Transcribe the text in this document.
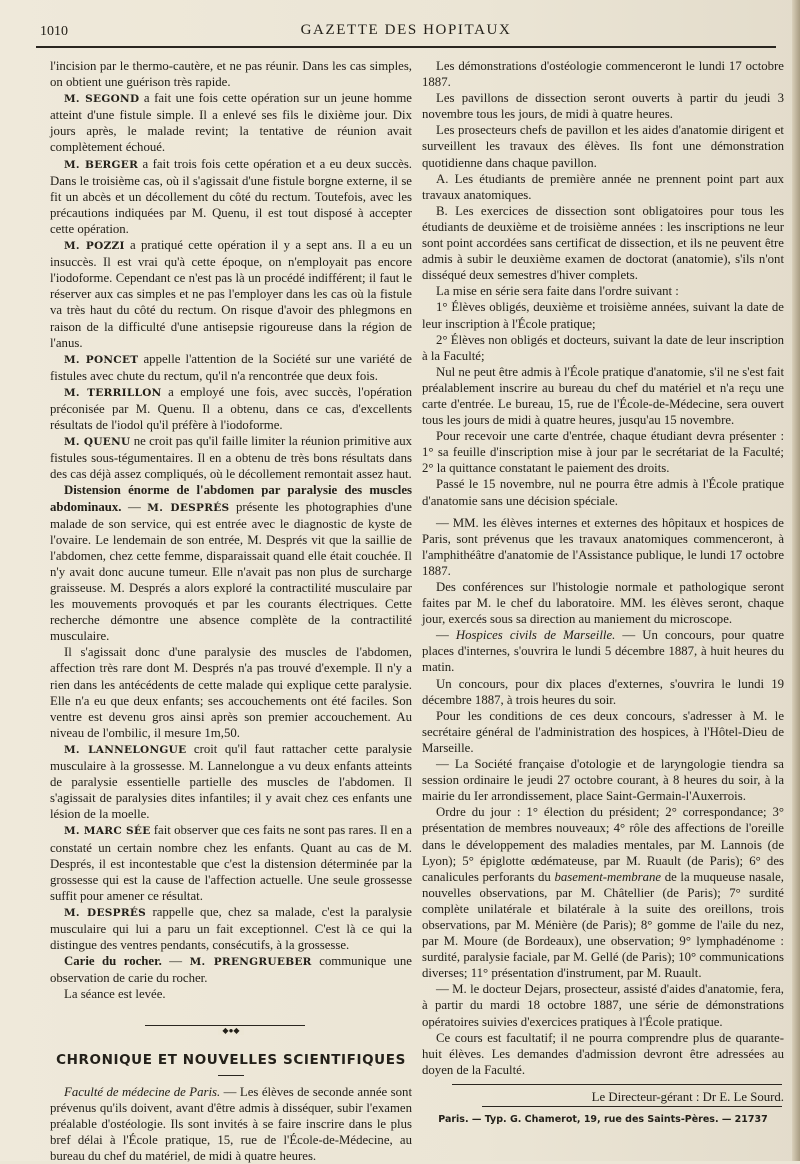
1010	GAZETTE DES HOPITAUX

l'incision par le thermo-cautère, et ne pas réunir. Dans les cas simples, on obtient une guérison très rapide.

M. SEGOND a fait une fois cette opération sur un jeune homme atteint d'une fistule simple. Il a enlevé ses fils le dixième jour. Dix jours après, le malade revint; la tentative de réunion avait complètement échoué.

M. BERGER a fait trois fois cette opération et a eu deux succès. Dans le troisième cas, où il s'agissait d'une fistule borgne externe, il se fit un abcès et un décollement du côté du rectum. Toutefois, avec les précautions indiquées par M. Quenu, il est tout disposé à accepter cette opération.

M. POZZI a pratiqué cette opération il y a sept ans. Il a eu un insuccès. Il est vrai qu'à cette époque, on n'employait pas encore l'iodoforme. Cependant ce n'est pas là un procédé indifférent; il faut le réserver aux cas simples et ne pas l'employer dans les cas où la fistule va très haut du côté du rectum. On risque d'avoir des phlegmons en raison de la difficulté d'une antisepsie rigoureuse dans la région de l'anus.

M. PONCET appelle l'attention de la Société sur une variété de fistules avec chute du rectum, qu'il n'a rencontrée que deux fois.

M. TERRILLON a employé une fois, avec succès, l'opération préconisée par M. Quenu. Il a obtenu, dans ce cas, d'excellents résultats de l'iodol qu'il préfère à l'iodoforme.

M. QUENU ne croit pas qu'il faille limiter la réunion primitive aux fistules sous-tégumentaires. Il en a obtenu de très bons résultats dans des cas déjà assez compliqués, où le décollement remontait assez haut.

Distension énorme de l'abdomen par paralysie des muscles abdominaux. — M. DESPRÉS présente les photographies d'une malade de son service, qui est entrée avec le diagnostic de kyste de l'ovaire. Le lendemain de son entrée, M. Després vit que la saillie de l'abdomen, chez cette femme, disparaissait quand elle était couchée. Il n'y avait donc aucune tumeur. Elle n'avait pas non plus de surcharge graisseuse. M. Després a alors exploré la contractilité musculaire par les mouvements provoqués et par les courants électriques. Cette recherche démontre une absence complète de la contractilité musculaire.

Il s'agissait donc d'une paralysie des muscles de l'abdomen, affection très rare dont M. Després n'a pas trouvé d'exemple. Il n'y a rien dans les antécédents de cette malade qui explique cette paralysie. Elle n'a eu que deux enfants; ses accouchements ont été faciles. Son ventre est devenu gros ainsi après son premier accouchement. Au niveau de l'ombilic, il mesure 1m,50.

M. LANNELONGUE croit qu'il faut rattacher cette paralysie musculaire à la grossesse. M. Lannelongue a vu deux enfants atteints de paralysie essentielle partielle des muscles de l'abdomen. Il s'agissait de paralysies dites infantiles; il y avait chez ces enfants une lésion de la moelle.

M. MARC SÉE fait observer que ces faits ne sont pas rares. Il en a constaté un certain nombre chez les enfants. Quant au cas de M. Després, il est incontestable que c'est la distension déterminée par la grossesse qui est la cause de l'affection actuelle. Une seule grossesse suffit pour amener ce résultat.

M. DESPRÉS rappelle que, chez sa malade, c'est la paralysie musculaire qui lui a paru un fait exceptionnel. C'est là ce qui la distingue des ventres pendants, consécutifs, à la grossesse.

Carie du rocher. — M. PRENGRUEBER communique une observation de carie du rocher.

La séance est levée.

◆●◆
CHRONIQUE ET NOUVELLES SCIENTIFIQUES

Faculté de médecine de Paris. — Les élèves de seconde année sont prévenus qu'ils doivent, avant d'être admis à disséquer, subir l'examen préalable d'ostéologie. Ils sont invités à se faire inscrire dans le plus bref délai à l'École pratique, 15, rue de l'École-de-Médecine, au bureau du chef du matériel, de midi à quatre heures.

Les démonstrations d'ostéologie commenceront le lundi 17 octobre 1887.

Les pavillons de dissection seront ouverts à partir du jeudi 3 novembre tous les jours, de midi à quatre heures.

Les prosecteurs chefs de pavillon et les aides d'anatomie dirigent et surveillent les travaux des élèves. Ils font une démonstration quotidienne dans chaque pavillon.

A. Les étudiants de première année ne prennent point part aux travaux anatomiques.

B. Les exercices de dissection sont obligatoires pour tous les étudiants de deuxième et de troisième années : les inscriptions ne leur sont point accordées sans certificat de dissection, et ils ne peuvent être admis à subir le deuxième examen de doctorat (anatomie), s'ils n'ont disséqué deux semestres d'hiver complets.

La mise en série sera faite dans l'ordre suivant :

1° Élèves obligés, deuxième et troisième années, suivant la date de leur inscription à l'École pratique;

2° Élèves non obligés et docteurs, suivant la date de leur inscription à la Faculté;

Nul ne peut être admis à l'École pratique d'anatomie, s'il ne s'est fait préalablement inscrire au bureau du chef du matériel et n'a reçu une carte d'entrée. Le bureau, 15, rue de l'École-de-Médecine, sera ouvert tous les jours de midi à quatre heures, jusqu'au 15 novembre.

Pour recevoir une carte d'entrée, chaque étudiant devra présenter : 1° sa feuille d'inscription mise à jour par le secrétariat de la Faculté; 2° la quittance constatant le paiement des droits.

Passé le 15 novembre, nul ne pourra être admis à l'École pratique d'anatomie sans une décision spéciale.

— MM. les élèves internes et externes des hôpitaux et hospices de Paris, sont prévenus que les travaux anatomiques commenceront, à l'amphithéâtre d'anatomie de l'Assistance publique, le lundi 17 octobre 1887.

Des conférences sur l'histologie normale et pathologique seront faites par M. le chef du laboratoire. MM. les élèves seront, chaque jour, exercés sous sa direction au maniement du microscope.

— Hospices civils de Marseille. — Un concours, pour quatre places d'internes, s'ouvrira le lundi 5 décembre 1887, à huit heures du matin.

Un concours, pour dix places d'externes, s'ouvrira le lundi 19 décembre 1887, à trois heures du soir.

Pour les conditions de ces deux concours, s'adresser à M. le secrétaire général de l'administration des hospices, à l'Hôtel-Dieu de Marseille.

— La Société française d'otologie et de laryngologie tiendra sa session ordinaire le jeudi 27 octobre courant, à 8 heures du soir, à la mairie du Ier arrondissement, place Saint-Germain-l'Auxerrois.

Ordre du jour : 1° élection du président; 2° correspondance; 3° présentation de membres nouveaux; 4° rôle des affections de l'oreille dans le développement des maladies mentales, par M. Lannois (de Lyon); 5° épiglotte œdémateuse, par M. Ruault (de Paris); 6° des canalicules perforants du basement-membrane de la muqueuse nasale, nouvelles observations, par M. Châtellier (de Paris); 7° surdité complète unilatérale et bilatérale à la suite des oreillons, trois observations, par M. Ménière (de Paris); 8° gomme de l'aile du nez, par M. Moure (de Bordeaux), une observation; 9° lymphadénome : surdité, paralysie faciale, par M. Gellé (de Paris); 10° communications diverses; 11° présentation d'instrument, par M. Ruault.

— M. le docteur Dejars, prosecteur, assisté d'aides d'anatomie, fera, à partir du mardi 18 octobre 1887, une série de démonstrations opératoires suivies d'exercices pratiques à l'École pratique.

Ce cours est facultatif; il ne pourra comprendre plus de quarante-huit élèves. Les demandes d'admission devront être adressées au doyen de la Faculté.

Le Directeur-gérant : Dr E. Le Sourd.
Paris. — Typ. G. Chamerot, 19, rue des Saints-Pères. — 21737
